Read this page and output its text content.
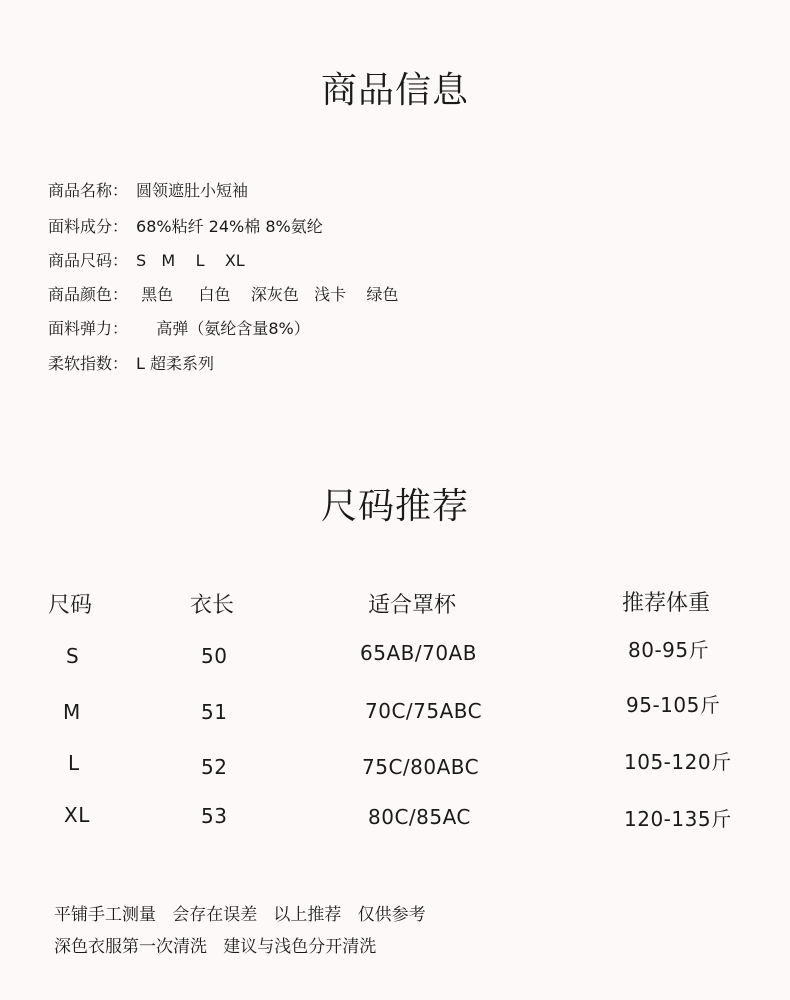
商品信息
商品名称： 圆领遮肚小短袖
面料成分： 68%粘纤 24%棉 8%氨纶
商品尺码： S   M    L    XL
商品颜色： 黑色     白色    深灰色   浅卡    绿色
面料弹力：    高弹（氨纶含量8%）
柔软指数： L 超柔系列
尺码推荐
尺码	衣长	适合罩杯	推荐体重
S	50	65AB/70AB	80-95斤
M	51	70C/75ABC	95-105斤
L	52	75C/80ABC	105-120斤
XL	53	80C/85AC	120-135斤
平铺手工测量   会存在误差   以上推荐   仅供参考
深色衣服第一次清洗   建议与浅色分开清洗
